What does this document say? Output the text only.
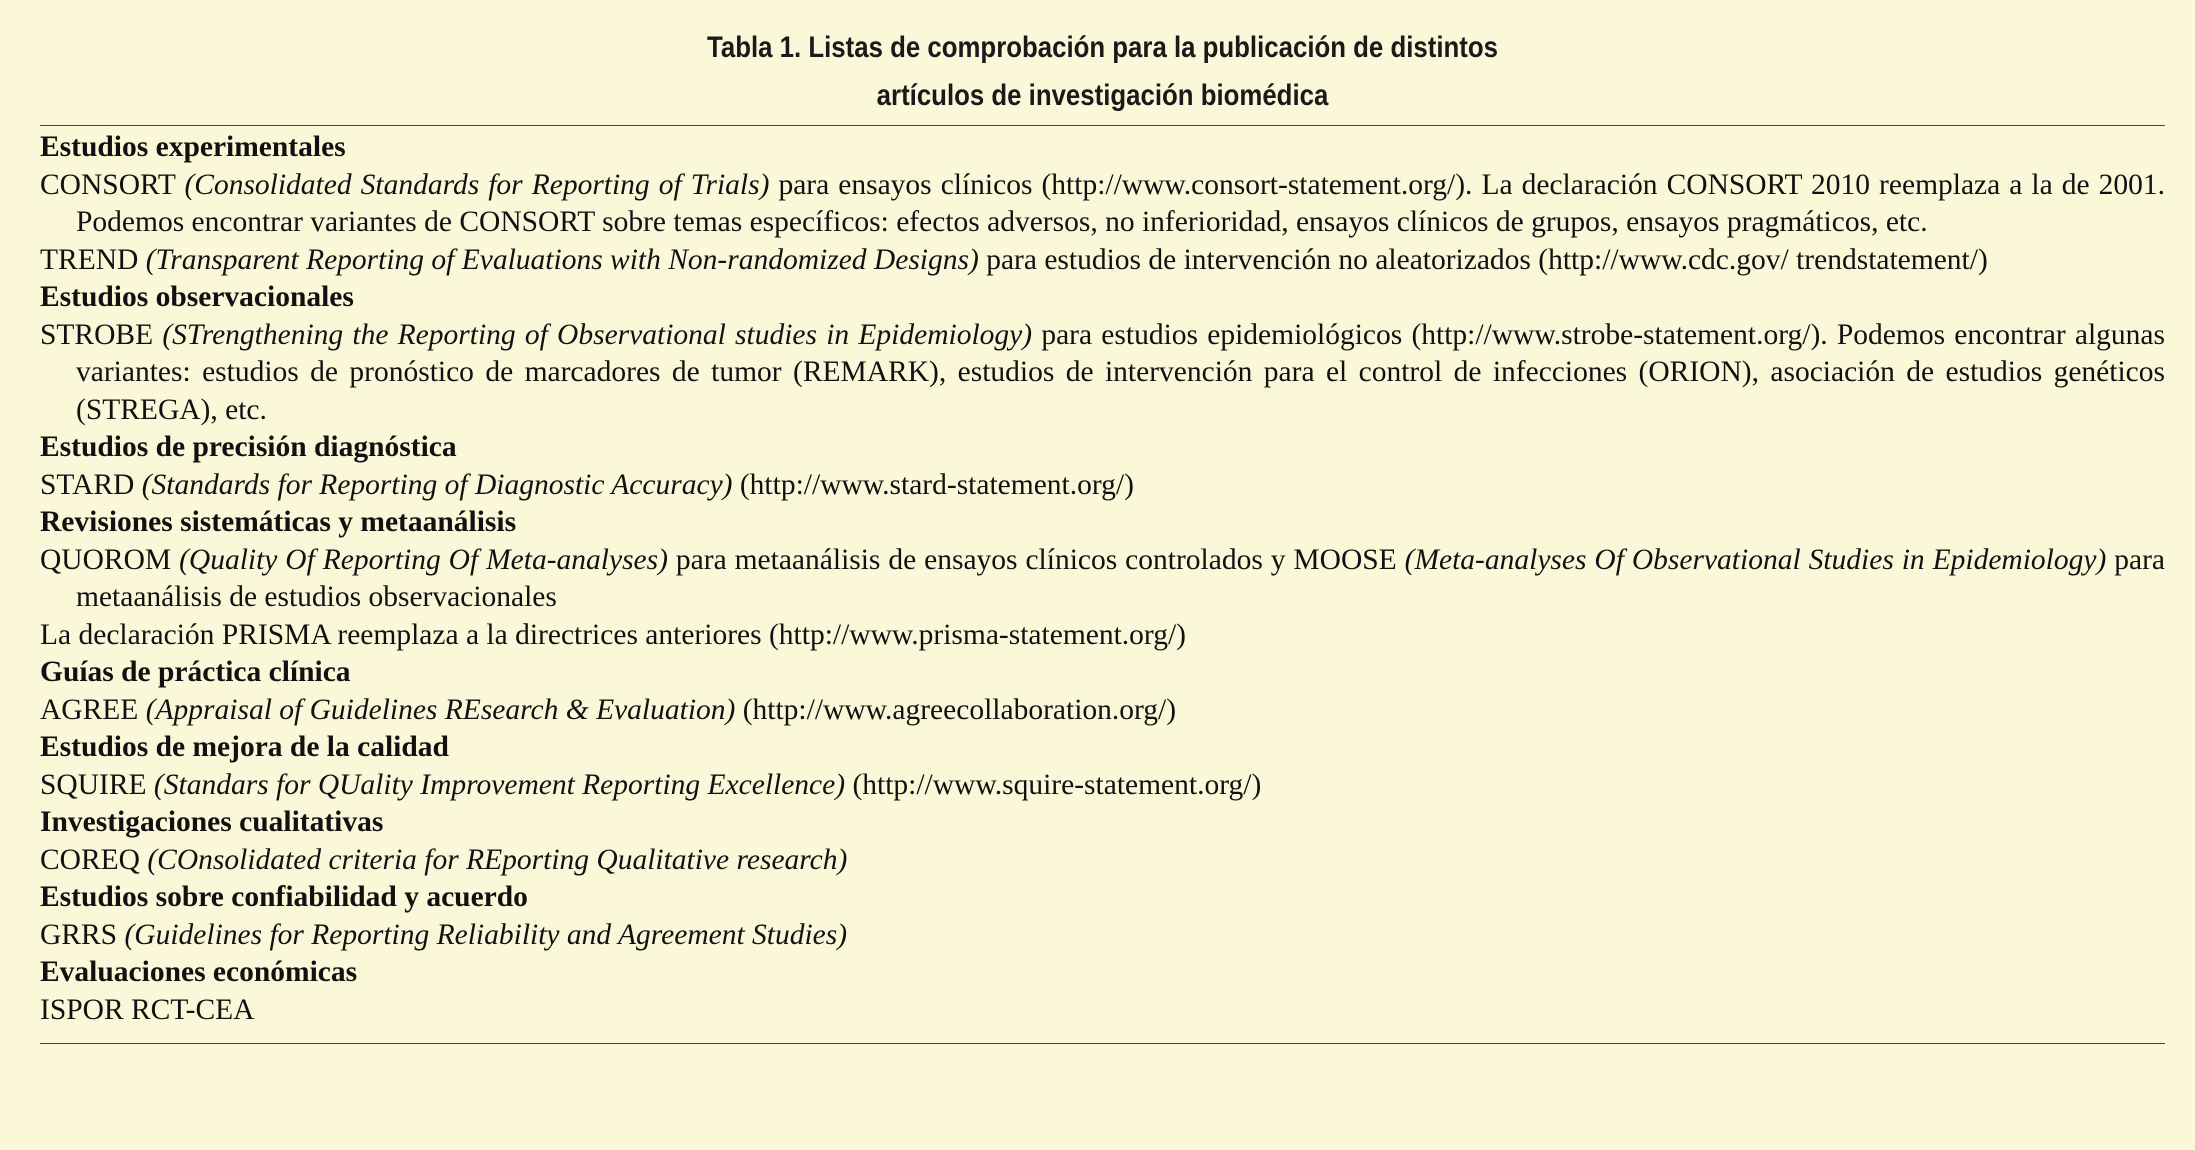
Tabla 1. Listas de comprobación para la publicación de distintos
artículos de investigación biomédica
Estudios experimentales
CONSORT (Consolidated Standards for Reporting of Trials) para ensayos clínicos (http://www.consort-statement.org/). La declaración CONSORT 2010 reemplaza a la de 2001. Podemos encontrar variantes de CONSORT sobre temas específicos: efectos adversos, no inferioridad, ensayos clínicos de grupos, ensayos pragmáticos, etc.
TREND (Transparent Reporting of Evaluations with Non-randomized Designs) para estudios de intervención no aleatorizados (http://www.cdc.gov/ trendstatement/)
Estudios observacionales
STROBE (STrengthening the Reporting of Observational studies in Epidemiology) para estudios epidemiológicos (http://www.strobe-statement.org/). Podemos encontrar algunas variantes: estudios de pronóstico de marcadores de tumor (REMARK), estudios de intervención para el control de infecciones (ORION), asociación de estudios genéticos (STREGA), etc.
Estudios de precisión diagnóstica
STARD (Standards for Reporting of Diagnostic Accuracy) (http://www.stard-statement.org/)
Revisiones sistemáticas y metaanálisis
QUOROM (Quality Of Reporting Of Meta-analyses) para metaanálisis de ensayos clínicos controlados y MOOSE (Meta-analyses Of Observational Studies in Epidemiology) para metaanálisis de estudios observacionales
La declaración PRISMA reemplaza a la directrices anteriores (http://www.prisma-statement.org/)
Guías de práctica clínica
AGREE (Appraisal of Guidelines REsearch & Evaluation) (http://www.agreecollaboration.org/)
Estudios de mejora de la calidad
SQUIRE (Standars for QUality Improvement Reporting Excellence) (http://www.squire-statement.org/)
Investigaciones cualitativas
COREQ (COnsolidated criteria for REporting Qualitative research)
Estudios sobre confiabilidad y acuerdo
GRRS (Guidelines for Reporting Reliability and Agreement Studies)
Evaluaciones económicas
ISPOR RCT-CEA
